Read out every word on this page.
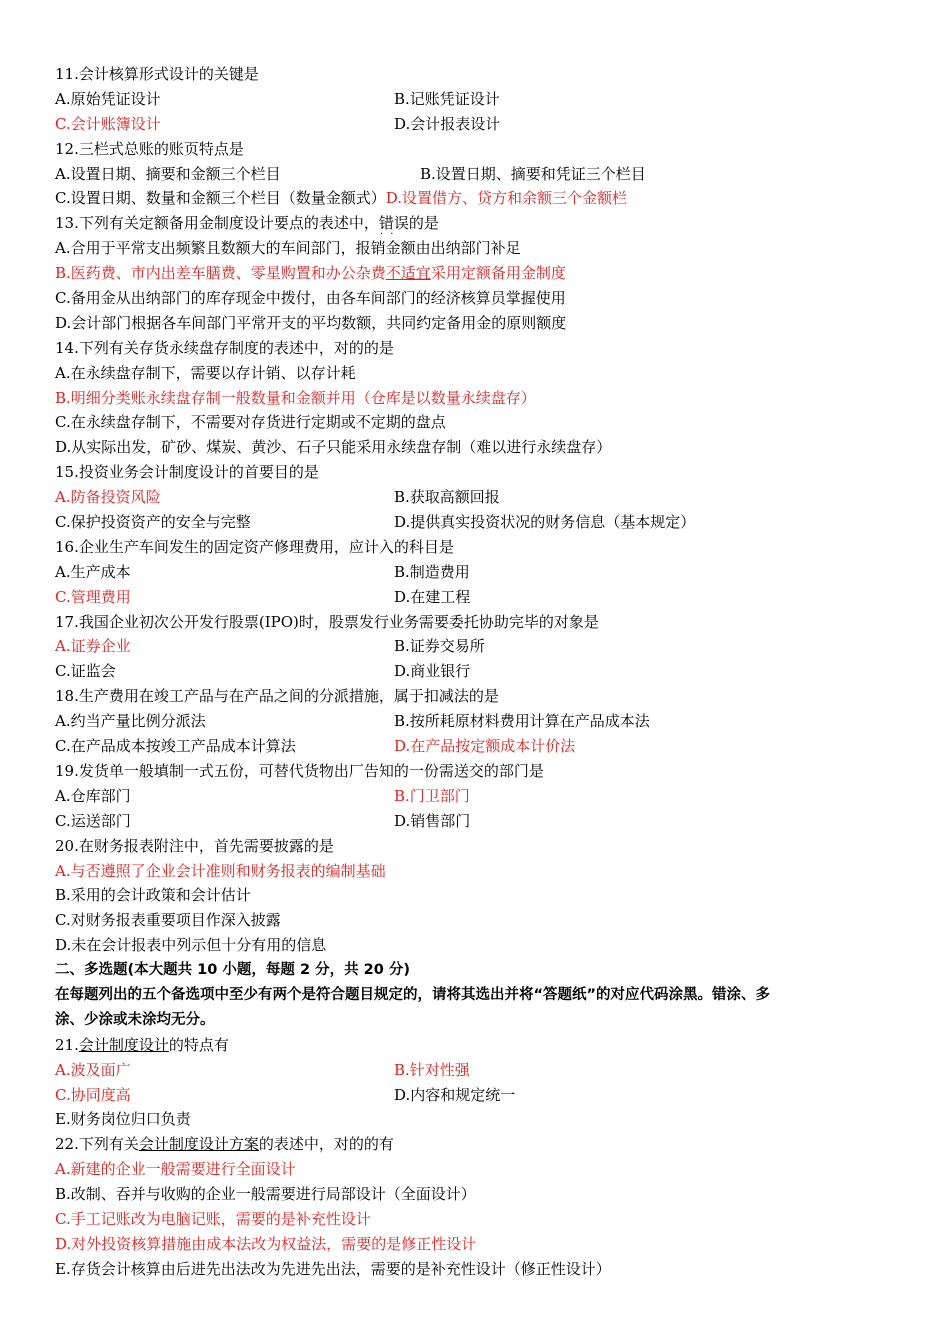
11.会计核算形式设计的关键是
A.原始凭证设计	B.记账凭证设计
C.会计账簿设计	D.会计报表设计
12.三栏式总账的账页特点是
A.设置日期、摘要和金额三个栏目	B.设置日期、摘要和凭证三个栏目
C.设置日期、数量和金额三个栏目（数量金额式）D.设置借方、贷方和余额三个金额栏
13.下列有关定额备用金制度设计要点的表述中，错误 · ·的是
A.合用于平常支出频繁且数额大的车间部门，报销金额由出纳部门补足
B.医药费、市内出差车膳费、零星购置和办公杂费不适宜采用定额备用金制度
C.备用金从出纳部门的库存现金中拨付，由各车间部门的经济核算员掌握使用
D.会计部门根据各车间部门平常开支的平均数额，共同约定备用金的原则额度
14.下列有关存货永续盘存制度的表述中，对的的是
A.在永续盘存制下，需要以存计销、以存计耗
B.明细分类账永续盘存制一般数量和金额并用（仓库是以数量永续盘存）
C.在永续盘存制下，不需要对存货进行定期或不定期的盘点
D.从实际出发，矿砂、煤炭、黄沙、石子只能采用永续盘存制（难以进行永续盘存）
15.投资业务会计制度设计的首要目的是
A.防备投资风险	B.获取高额回报
C.保护投资资产的安全与完整	D.提供真实投资状况的财务信息（基本规定）
16.企业生产车间发生的固定资产修理费用，应计入的科目是
A.生产成本	B.制造费用
C.管理费用	D.在建工程
17.我国企业初次公开发行股票(IPO)时，股票发行业务需要委托协助完毕的对象是
A.证券企业	B.证券交易所
C.证监会	D.商业银行
18.生产费用在竣工产品与在产品之间的分派措施，属于扣减法的是
A.约当产量比例分派法	B.按所耗原材料费用计算在产品成本法
C.在产品成本按竣工产品成本计算法	D.在产品按定额成本计价法
19.发货单一般填制一式五份，可替代货物出厂告知的一份需送交的部门是
A.仓库部门	B.门卫部门
C.运送部门	D.销售部门
20.在财务报表附注中，首先需要披露的是
A.与否遵照了企业会计准则和财务报表的编制基础
B.采用的会计政策和会计估计
C.对财务报表重要项目作深入披露
D.未在会计报表中列示但十分有用的信息
二、多选题(本大题共 10 小题，每题 2 分，共 20 分)
在每题列出的五个备选项中至少有两个是符合题目规定的，请将其选出并将“答题纸”的对应代码涂黑。错涂、多
涂、少涂或未涂均无分。
21.会计制度设计的特点有
A.波及面广	B.针对性强
C.协同度高	D.内容和规定统一
E.财务岗位归口负责
22.下列有关会计制度设计方案的表述中，对的的有
A.新建的企业一般需要进行全面设计
B.改制、吞并与收购的企业一般需要进行局部设计（全面设计）
C.手工记账改为电脑记账，需要的是补充性设计
D.对外投资核算措施由成本法改为权益法，需要的是修正性设计
E.存货会计核算由后进先出法改为先进先出法，需要的是补充性设计（修正性设计）
